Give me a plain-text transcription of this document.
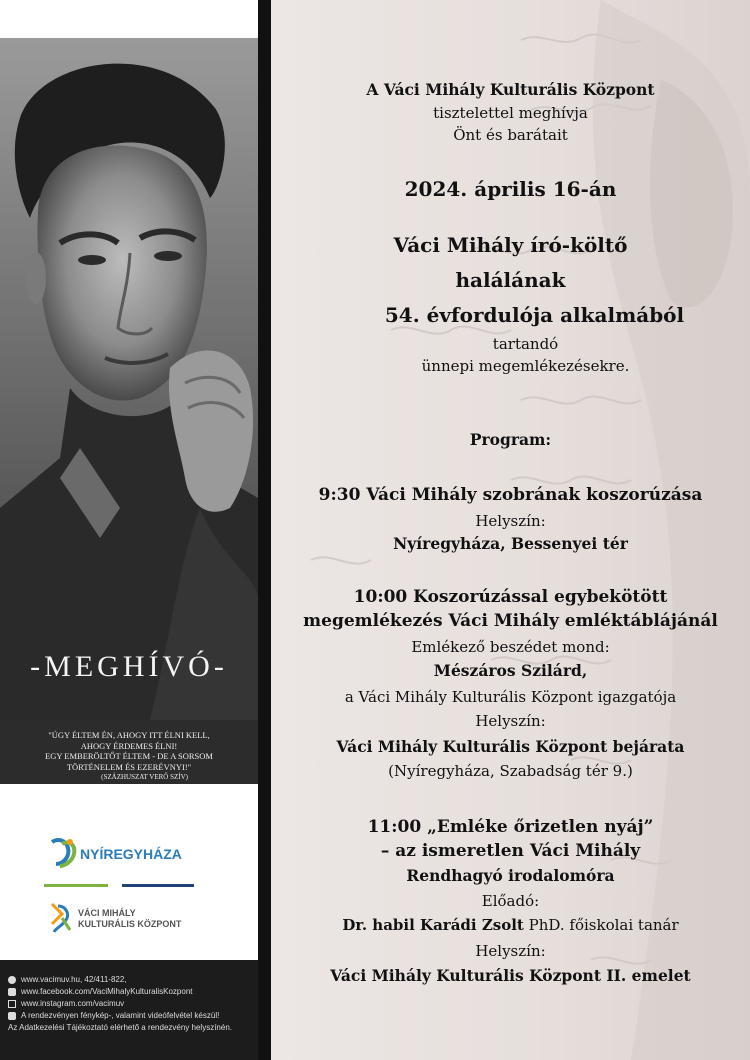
-MEGHÍVÓ-
"ÚGY ÉLTEM ÉN, AHOGY ITT ÉLNI KELL,
AHOGY ÉRDEMES ÉLNI!
EGY EMBERÖLTŐT ÉLTEM - DE A SORSOM
TÖRTÉNELEM ÉS EZERÉVNYI!"
(SZÁZHUSZAT VERŐ SZÍV)
NYÍREGYHÁZA
VÁCI MIHÁLY
KULTURÁLIS KÖZPONT
www.vacimuv.hu, 42/411-822,
www.facebook.com/VaciMihalyKulturalisKozpont
www.instagram.com/vacimuv
A rendezvényen fénykép-, valamint videófelvétel készül!
Az Adatkezelési Tájékoztató elérhető a rendezvény helyszínén.
A Váci Mihály Kulturális Központ
tisztelettel meghívja
Önt és barátait
2024. április 16-án
Váci Mihály író-költő
halálának
54. évfordulója alkalmából
tartandó
ünnepi megemlékezésekre.
Program:
9:30 Váci Mihály szobrának koszorúzása
Helyszín:
Nyíregyháza, Bessenyei tér
10:00 Koszorúzással egybekötött
megemlékezés Váci Mihály emléktáblájánál
Emlékező beszédet mond:
Mészáros Szilárd,
a Váci Mihály Kulturális Központ igazgatója
Helyszín:
Váci Mihály Kulturális Központ bejárata
(Nyíregyháza, Szabadság tér 9.)
11:00 „Emléke őrizetlen nyáj”
– az ismeretlen Váci Mihály
Rendhagyó irodalomóra
Előadó:
Dr. habil Karádi Zsolt PhD. főiskolai tanár
Helyszín:
Váci Mihály Kulturális Központ II. emelet
